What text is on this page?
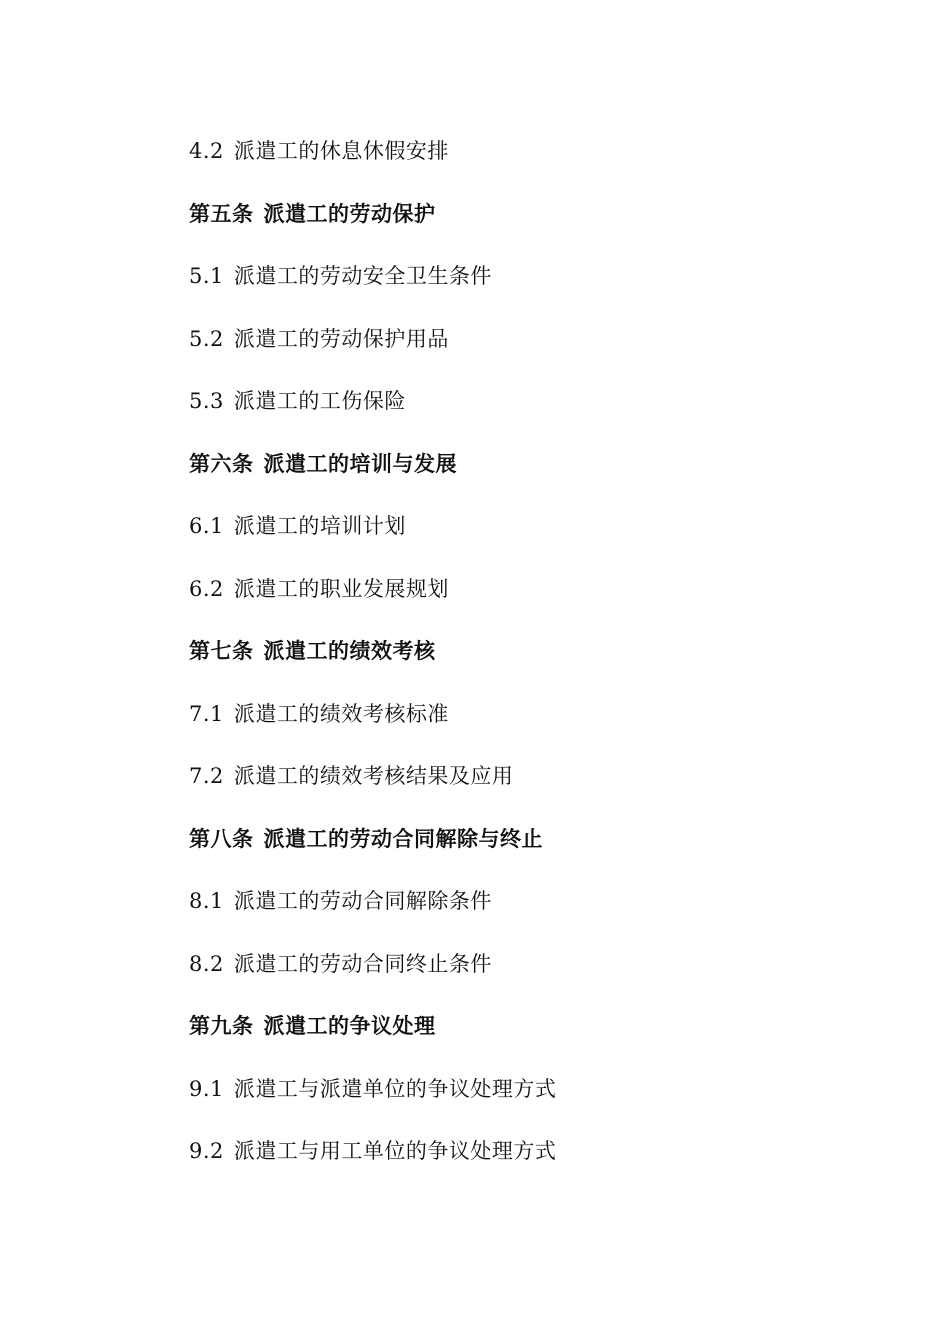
4.2 派遣工的休息休假安排
第五条 派遣工的劳动保护
5.1 派遣工的劳动安全卫生条件
5.2 派遣工的劳动保护用品
5.3 派遣工的工伤保险
第六条 派遣工的培训与发展
6.1 派遣工的培训计划
6.2 派遣工的职业发展规划
第七条 派遣工的绩效考核
7.1 派遣工的绩效考核标准
7.2 派遣工的绩效考核结果及应用
第八条 派遣工的劳动合同解除与终止
8.1 派遣工的劳动合同解除条件
8.2 派遣工的劳动合同终止条件
第九条 派遣工的争议处理
9.1 派遣工与派遣单位的争议处理方式
9.2 派遣工与用工单位的争议处理方式
